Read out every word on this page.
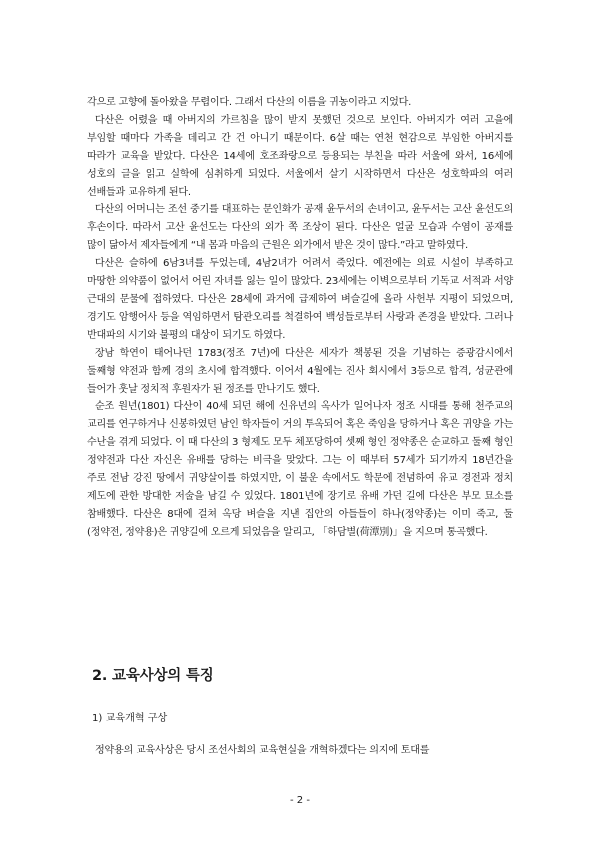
각으로 고향에 돌아왔을 무렵이다. 그래서 다산의 이름을 귀농이라고 지었다.

다산은 어렸을 때 아버지의 가르침을 많이 받지 못했던 것으로 보인다. 아버지가 여러 고을에 부임할 때마다 가족을 데리고 간 건 아니기 때문이다. 6살 때는 연천 현감으로 부임한 아버지를 따라가 교육을 받았다. 다산은 14세에 호조좌랑으로 등용되는 부친을 따라 서울에 와서, 16세에 성호의 글을 읽고 실학에 심취하게 되었다. 서울에서 살기 시작하면서 다산은 성호학파의 여러 선배들과 교유하게 된다.

다산의 어머니는 조선 중기를 대표하는 문인화가 공재 윤두서의 손녀이고, 윤두서는 고산 윤선도의 후손이다. 따라서 고산 윤선도는 다산의 외가 쪽 조상이 된다. 다산은 얼굴 모습과 수염이 공재를 많이 닮아서 제자들에게 “내 몸과 마음의 근원은 외가에서 받은 것이 많다.”라고 말하였다.

다산은 슬하에 6남3녀를 두었는데, 4남2녀가 어려서 죽었다. 예전에는 의료 시설이 부족하고 마땅한 의약품이 없어서 어린 자녀를 잃는 일이 많았다. 23세에는 이벽으로부터 기독교 서적과 서양 근대의 문물에 접하였다. 다산은 28세에 과거에 급제하여 벼슬길에 올라 사헌부 지평이 되었으며, 경기도 암행어사 등을 역임하면서 탐관오리를 척결하여 백성들로부터 사랑과 존경을 받았다. 그러나 반대파의 시기와 불평의 대상이 되기도 하였다.

장남 학연이 태어나던 1783(정조 7년)에 다산은 세자가 책봉된 것을 기념하는 증광감시에서 둘째형 약전과 함께 경의 초시에 합격했다. 이어서 4월에는 진사 회시에서 3등으로 합격, 성균관에 들어가 훗날 정치적 후원자가 된 정조를 만나기도 했다.

순조 원년(1801) 다산이 40세 되던 해에 신유년의 옥사가 일어나자 정조 시대를 통해 천주교의 교리를 연구하거나 신봉하였던 남인 학자들이 거의 투옥되어 혹은 죽임을 당하거나 혹은 귀양을 가는 수난을 겪게 되었다. 이 때 다산의 3 형제도 모두 체포당하여 셋째 형인 정약종은 순교하고 둘째 형인 정약전과 다산 자신은 유배를 당하는 비극을 맞았다. 그는 이 때부터 57세가 되기까지 18년간을 주로 전남 강진 땅에서 귀양살이를 하였지만, 이 불운 속에서도 학문에 전념하여 유교 경전과 정치 제도에 관한 방대한 저술을 남길 수 있었다. 1801년에 장기로 유배 가던 길에 다산은 부모 묘소를 참배했다. 다산은 8대에 걸쳐 옥당 벼슬을 지낸 집안의 아들들이 하나(정약종)는 이미 죽고, 둘(정약전, 정약용)은 귀양길에 오르게 되었음을 알리고, 「하담별(荷潭別)」을 지으며 통곡했다.

2. 교육사상의 특징

1) 교육개혁 구상

정약용의 교육사상은 당시 조선사회의 교육현실을 개혁하겠다는 의지에 토대를

- 2 -
